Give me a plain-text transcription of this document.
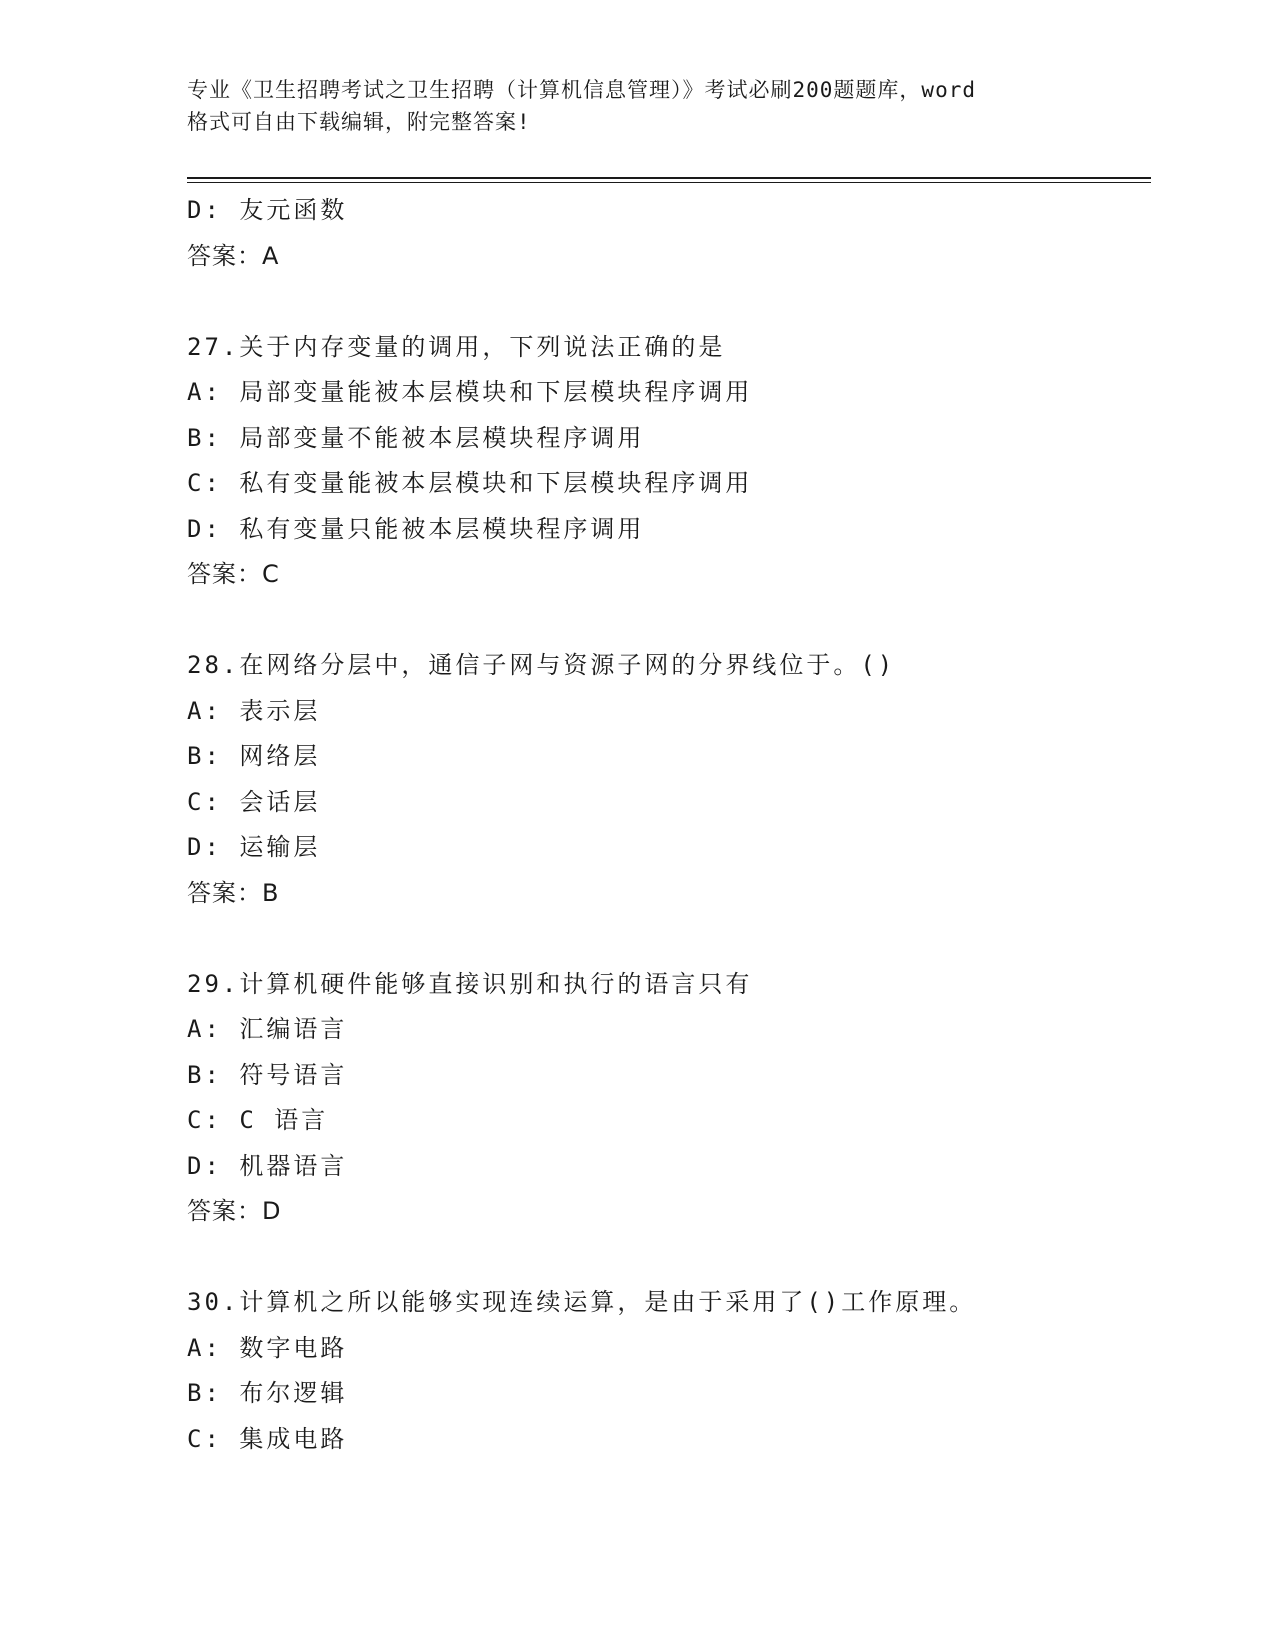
专业《卫生招聘考试之卫生招聘（计算机信息管理）》考试必刷200题题库，word
格式可自由下载编辑，附完整答案!
D: 友元函数
答案：A
27.关于内存变量的调用，下列说法正确的是
A: 局部变量能被本层模块和下层模块程序调用
B: 局部变量不能被本层模块程序调用
C: 私有变量能被本层模块和下层模块程序调用
D: 私有变量只能被本层模块程序调用
答案：C
28.在网络分层中，通信子网与资源子网的分界线位于。()
A: 表示层
B: 网络层
C: 会话层
D: 运输层
答案：B
29.计算机硬件能够直接识别和执行的语言只有
A: 汇编语言
B: 符号语言
C: C 语言
D: 机器语言
答案：D
30.计算机之所以能够实现连续运算，是由于采用了()工作原理。
A: 数字电路
B: 布尔逻辑
C: 集成电路
